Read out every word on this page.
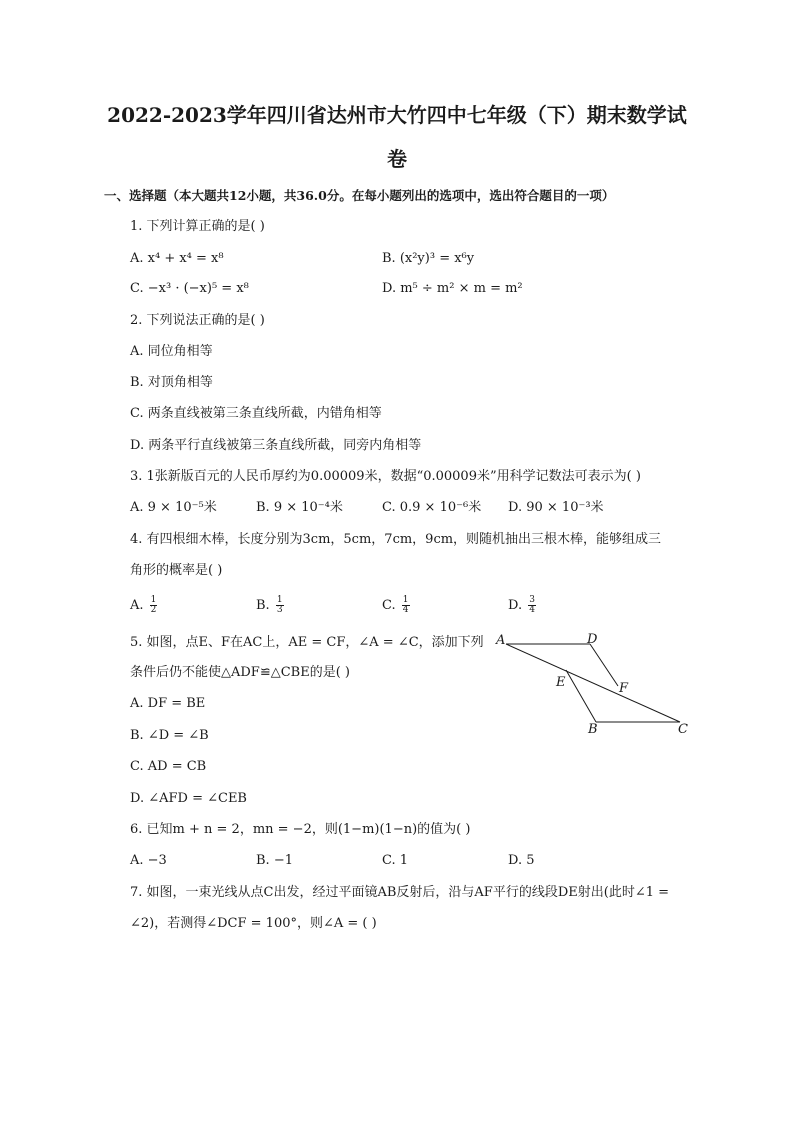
2022-2023学年四川省达州市大竹四中七年级（下）期末数学试
卷
一、选择题（本大题共12小题，共36.0分。在每小题列出的选项中，选出符合题目的一项）
1. 下列计算正确的是( )
A. x⁴ + x⁴ = x⁸	B. (x²y)³ = x⁶y
C. −x³ · (−x)⁵ = x⁸	D. m⁵ ÷ m² × m = m²
2. 下列说法正确的是( )
A. 同位角相等
B. 对顶角相等
C. 两条直线被第三条直线所截，内错角相等
D. 两条平行直线被第三条直线所截，同旁内角相等
3. 1张新版百元的人民币厚约为0.00009米，数据“0.00009米”用科学记数法可表示为( )
A. 9 × 10⁻⁵米	B. 9 × 10⁻⁴米	C. 0.9 × 10⁻⁶米 D. 90 × 10⁻³米
4. 有四根细木棒，长度分别为3cm，5cm，7cm，9cm，则随机抽出三根木棒，能够组成三
角形的概率是( )
A. $\frac{1}{2}$	B. $\frac{1}{3}$	C. $\frac{1}{4}$	D. $\frac{3}{4}$
5. 如图，点E、F在AC上，AE = CF，∠A = ∠C，添加下列
条件后仍不能使△ADF≌△CBE的是( )
A. DF = BE
B. ∠D = ∠B
C. AD = CB
D. ∠AFD = ∠CEB
A	D
E	F
B	C
6. 已知m + n = 2，mn = −2，则(1−m)(1−n)的值为( )
A. −3	B. −1	C. 1	D. 5
7. 如图，一束光线从点C出发，经过平面镜AB反射后，沿与AF平行的线段DE射出(此时∠1 =
∠2)，若测得∠DCF = 100°，则∠A = ( )
